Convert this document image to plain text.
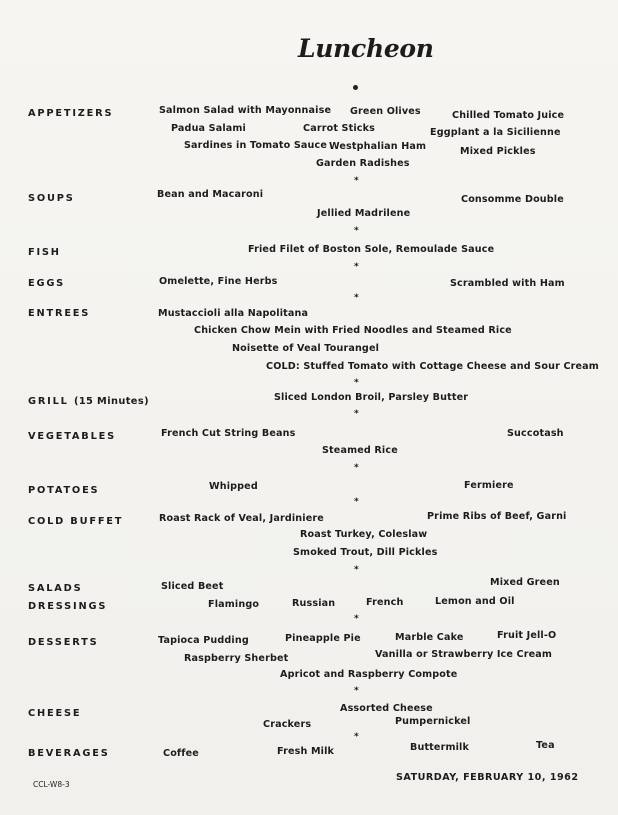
Luncheon
APPETIZERS	Salmon Salad with Mayonnaise Green Olives	Chilled Tomato Juice
Padua Salami	Carrot Sticks	Eggplant a la Sicilienne
Sardines in Tomato Sauce Westphalian Ham	Mixed Pickles
Garden Radishes
*
SOUPS	Bean and Macaroni	Consomme Double
Jellied Madrilene
*
FISH	Fried Filet of Boston Sole, Remoulade Sauce
*
EGGS	Omelette, Fine Herbs	Scrambled with Ham
*
ENTREES	Mustaccioli alla Napolitana
Chicken Chow Mein with Fried Noodles and Steamed Rice
Noisette of Veal Tourangel
COLD: Stuffed Tomato with Cottage Cheese and Sour Cream
*
GRILL (15 Minutes)	Sliced London Broil, Parsley Butter
*
VEGETABLES	French Cut String Beans	Succotash
Steamed Rice
*
POTATOES	Whipped	Fermiere
*
COLD BUFFET	Roast Rack of Veal, Jardiniere	Prime Ribs of Beef, Garni
Roast Turkey, Coleslaw
Smoked Trout, Dill Pickles
*
SALADS
DRESSINGS
Sliced Beet	Mixed Green
Flamingo	Russian	French	Lemon and Oil
*
DESSERTS	Tapioca Pudding	Pineapple Pie	Marble Cake	Fruit Jell-O
Raspberry Sherbet	Vanilla or Strawberry Ice Cream
Apricot and Raspberry Compote
*
CHEESE	Assorted Cheese
Pumpernickel
Crackers
*
BEVERAGES	Coffee	Fresh Milk	Buttermilk	Tea
CCL-W8-3
SATURDAY, FEBRUARY 10, 1962
